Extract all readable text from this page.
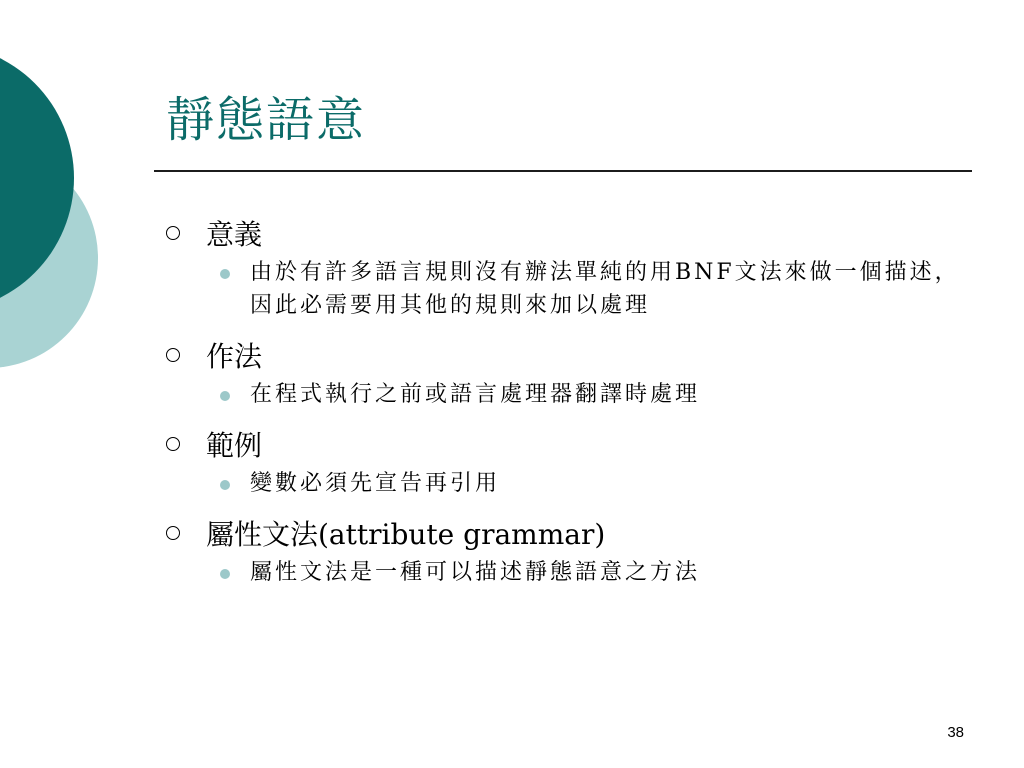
靜態語意
意義
由於有許多語言規則沒有辦法單純的用BNF文法來做一個描述，因此必需要用其他的規則來加以處理
作法
在程式執行之前或語言處理器翻譯時處理
範例
變數必須先宣告再引用
屬性文法(attribute grammar)
屬性文法是一種可以描述靜態語意之方法
38
